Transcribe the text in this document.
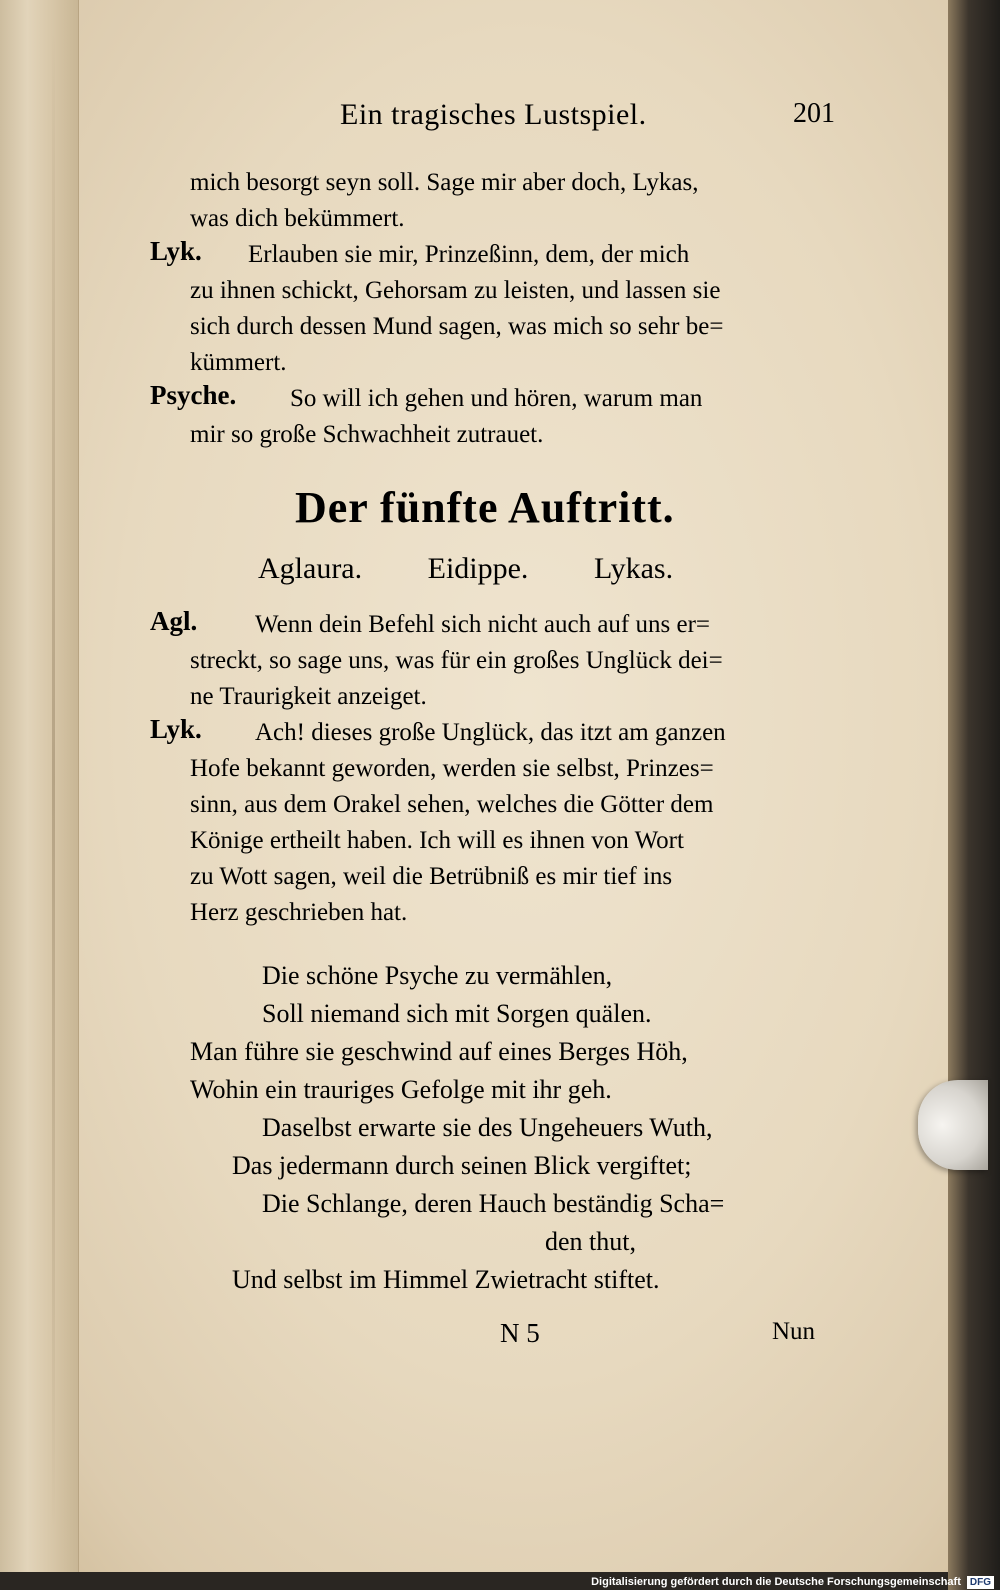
Ein tragisches Lustspiel.	201
mich besorgt seyn soll. Sage mir aber doch, Lykas,
was dich bekümmert.
Lyk. Erlauben sie mir, Prinzeßinn, dem, der mich
zu ihnen schickt, Gehorsam zu leisten, und lassen sie
sich durch dessen Mund sagen, was mich so sehr be=
kümmert.
Psyche. So will ich gehen und hören, warum man
mir so große Schwachheit zutrauet.
Der fünfte Auftritt.
Aglaura. Eidippe. Lykas.
Agl. Wenn dein Befehl sich nicht auch auf uns er=
streckt, so sage uns, was für ein großes Unglück dei=
ne Traurigkeit anzeiget.
Lyk. Ach! dieses große Unglück, das itzt am ganzen
Hofe bekannt geworden, werden sie selbst, Prinzes=
sinn, aus dem Orakel sehen, welches die Götter dem
Könige ertheilt haben. Ich will es ihnen von Wort
zu Wott sagen, weil die Betrübniß es mir tief ins
Herz geschrieben hat.
Die schöne Psyche zu vermählen,
Soll niemand sich mit Sorgen quälen.
Man führe sie geschwind auf eines Berges Höh,
Wohin ein trauriges Gefolge mit ihr geh.
Daselbst erwarte sie des Ungeheuers Wuth,
Das jedermann durch seinen Blick vergiftet;
Die Schlange, deren Hauch beständig Scha=
den thut,
Und selbst im Himmel Zwietracht stiftet.
N 5	Nun
Digitalisierung gefördert durch die Deutsche Forschungsgemeinschaft DFG
